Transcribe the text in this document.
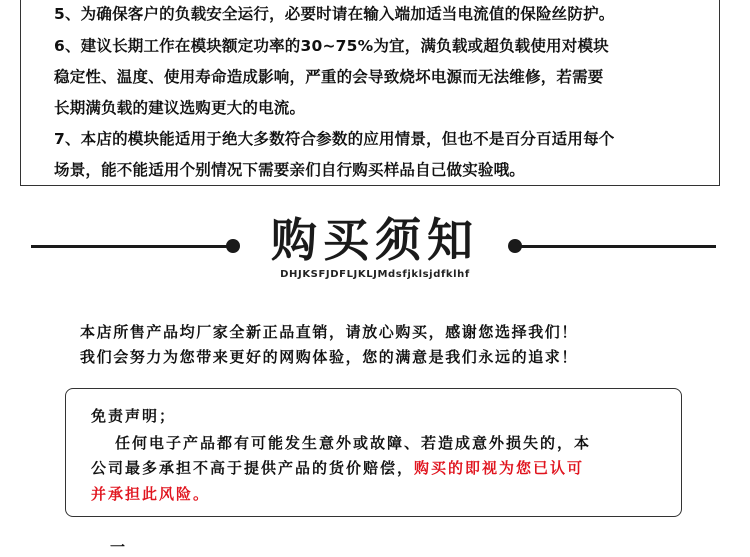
5、为确保客户的负载安全运行，必要时请在输入端加适当电流值的保险丝防护。
6、建议长期工作在模块额定功率的30~75%为宜，满负载或超负载使用对模块
稳定性、温度、使用寿命造成影响，严重的会导致烧坏电源而无法维修，若需要
长期满负载的建议选购更大的电流。
7、本店的模块能适用于绝大多数符合参数的应用情景，但也不是百分百适用每个
场景，能不能适用个别情况下需要亲们自行购买样品自己做实验哦。
购买须知
DHJKSFJDFLJKLJMdsfjklsjdfklhf
本店所售产品均厂家全新正品直销，请放心购买，感谢您选择我们！
我们会努力为您带来更好的网购体验，您的满意是我们永远的追求！
免责声明；
任何电子产品都有可能发生意外或故障、若造成意外损失的，本
公司最多承担不高于提供产品的货价赔偿，购买的即视为您已认可
并承担此风险。
一
